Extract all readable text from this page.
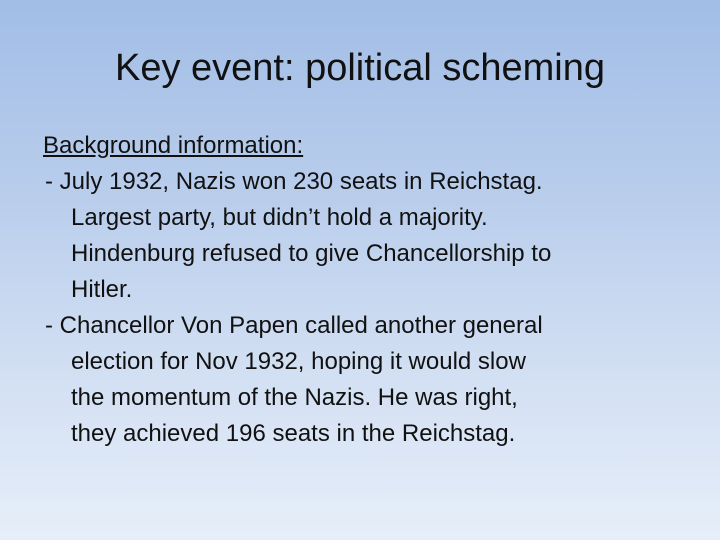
Key event: political scheming
Background information:
- July 1932, Nazis won 230 seats in Reichstag.
Largest party, but didn’t hold a majority.
Hindenburg refused to give Chancellorship to
Hitler.
- Chancellor Von Papen called another general
election for Nov 1932, hoping it would slow
the momentum of the Nazis. He was right,
they achieved 196 seats in the Reichstag.
